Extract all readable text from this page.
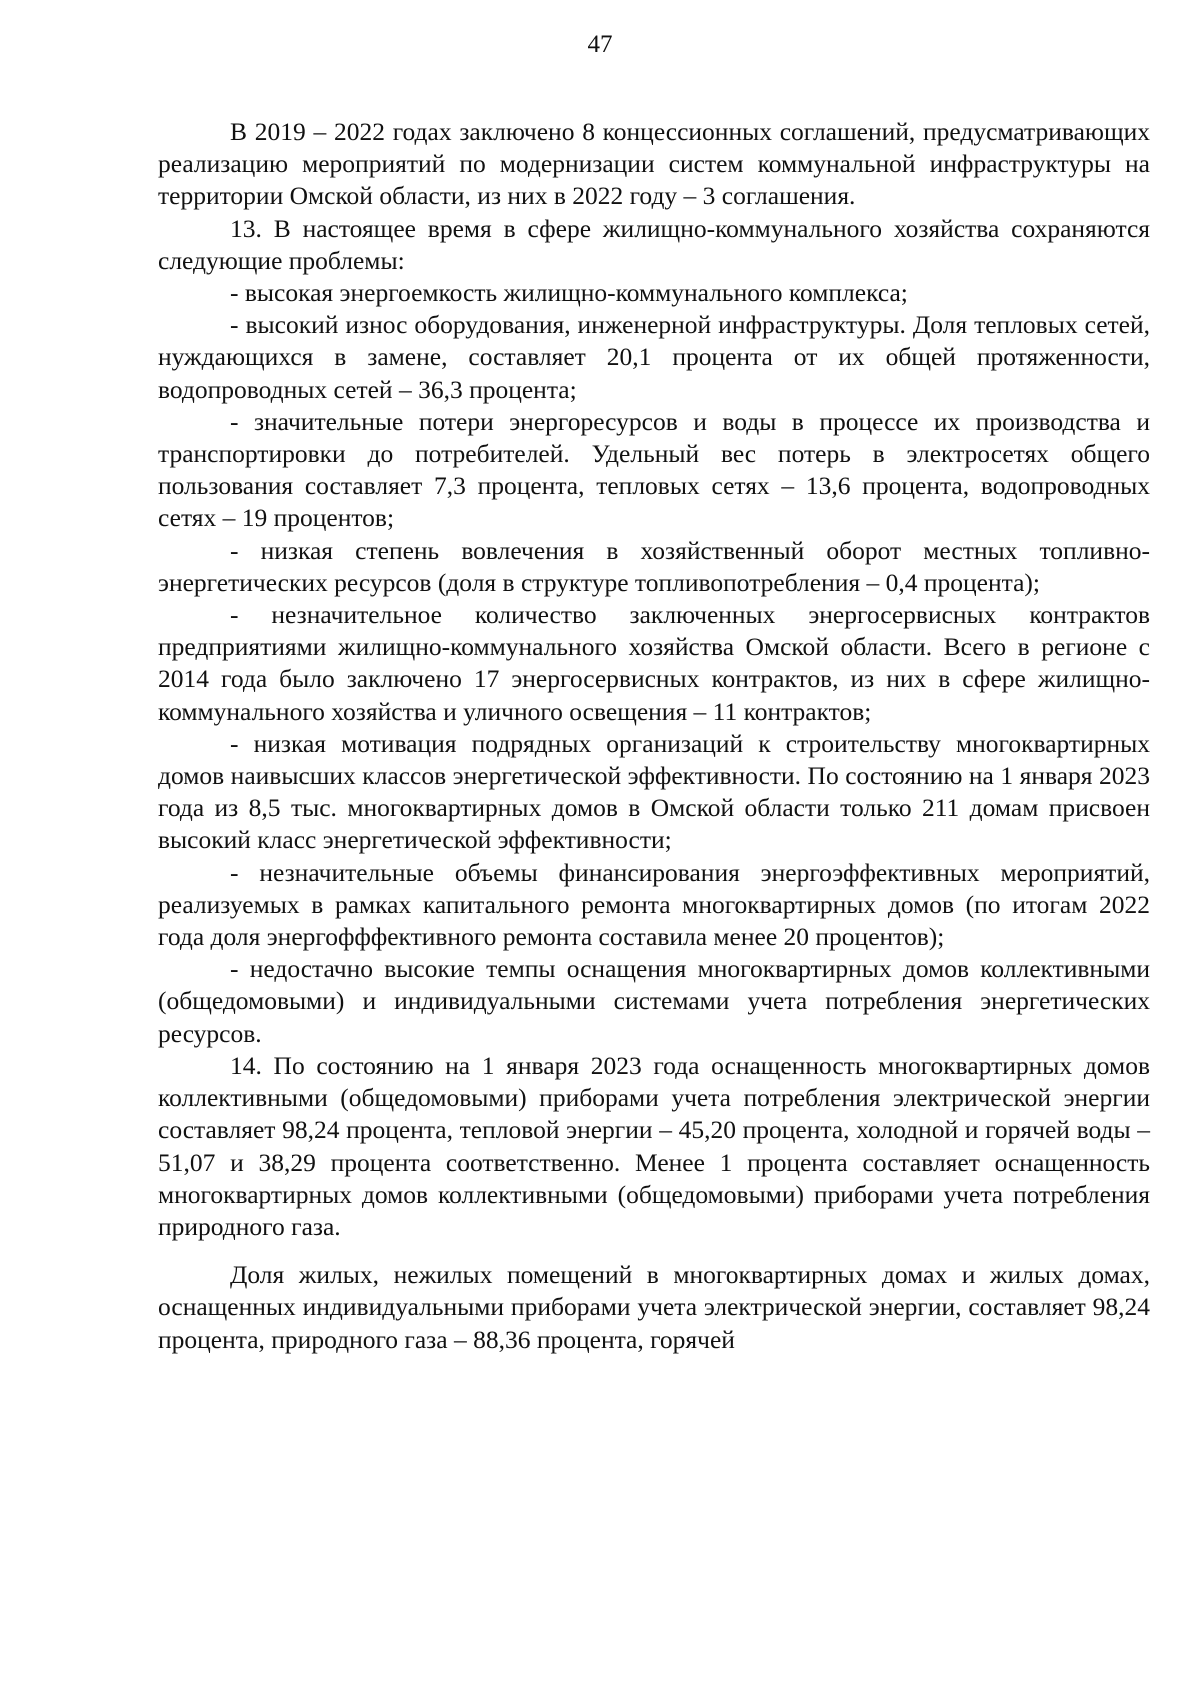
47

В 2019 – 2022 годах заключено 8 концессионных соглашений, предусматривающих реализацию мероприятий по модернизации систем коммунальной инфраструктуры на территории Омской области, из них в 2022 году – 3 соглашения.

13. В настоящее время в сфере жилищно-коммунального хозяйства сохраняются следующие проблемы:

- высокая энергоемкость жилищно-коммунального комплекса;

- высокий износ оборудования, инженерной инфраструктуры. Доля тепловых сетей, нуждающихся в замене, составляет 20,1 процента от их общей протяженности, водопроводных сетей – 36,3 процента;

- значительные потери энергоресурсов и воды в процессе их производства и транспортировки до потребителей. Удельный вес потерь в электросетях общего пользования составляет 7,3 процента, тепловых сетях – 13,6 процента, водопроводных сетях – 19 процентов;

- низкая степень вовлечения в хозяйственный оборот местных топливно-энергетических ресурсов (доля в структуре топливопотребления – 0,4 процента);

- незначительное количество заключенных энергосервисных контрактов предприятиями жилищно-коммунального хозяйства Омской области. Всего в регионе с 2014 года было заключено 17 энергосервисных контрактов, из них в сфере жилищно-коммунального хозяйства и уличного освещения – 11 контрактов;

- низкая мотивация подрядных организаций к строительству многоквартирных домов наивысших классов энергетической эффективности. По состоянию на 1 января 2023 года из 8,5 тыс. многоквартирных домов в Омской области только 211 домам присвоен высокий класс энергетической эффективности;

- незначительные объемы финансирования энергоэффективных мероприятий, реализуемых в рамках капитального ремонта многоквартирных домов (по итогам 2022 года доля энергофффективного ремонта составила менее 20 процентов);

- недостачно высокие темпы оснащения многоквартирных домов коллективными (общедомовыми) и индивидуальными системами учета потребления энергетических ресурсов.

14. По состоянию на 1 января 2023 года оснащенность многоквартирных домов коллективными (общедомовыми) приборами учета потребления электрической энергии составляет 98,24 процента, тепловой энергии – 45,20 процента, холодной и горячей воды – 51,07 и 38,29 процента соответственно. Менее 1 процента составляет оснащенность многоквартирных домов коллективными (общедомовыми) приборами учета потребления природного газа.

Доля жилых, нежилых помещений в многоквартирных домах и жилых домах, оснащенных индивидуальными приборами учета электрической энергии, составляет 98,24 процента, природного газа – 88,36 процента, горячей
